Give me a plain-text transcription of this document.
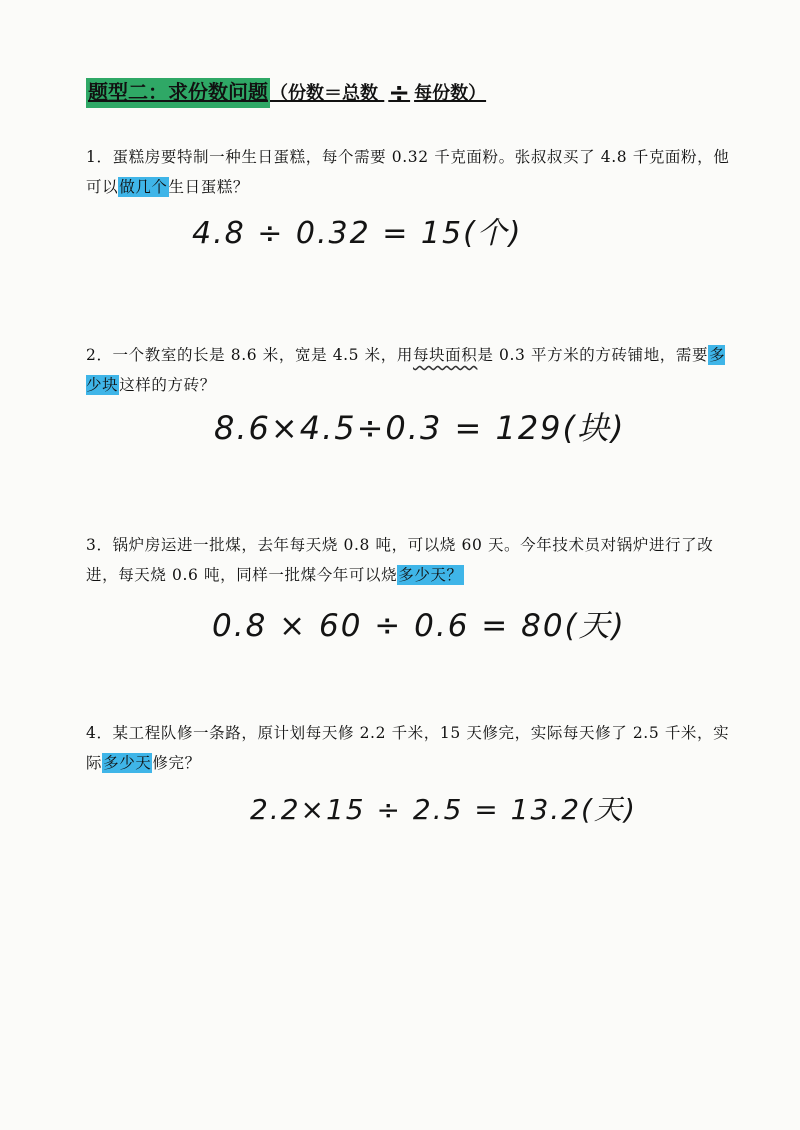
题型二：求份数问题 （份数＝总数 ÷ 每份数）
1．蛋糕房要特制一种生日蛋糕，每个需要 0.32 千克面粉。张叔叔买了 4.8 千克面粉，他可以做几个生日蛋糕？
4.8 ÷ 0.32 = 15(个)
2．一个教室的长是 8.6 米，宽是 4.5 米，用每块面积是 0.3 平方米的方砖铺地，需要多少块这样的方砖？
8.6×4.5÷0.3 = 129(块)
3．锅炉房运进一批煤，去年每天烧 0.8 吨，可以烧 60 天。今年技术员对锅炉进行了改进，每天烧 0.6 吨，同样一批煤今年可以烧多少天？
0.8 × 60 ÷ 0.6 = 80(天)
4．某工程队修一条路，原计划每天修 2.2 千米，15 天修完，实际每天修了 2.5 千米，实际多少天修完？
2.2×15 ÷ 2.5 = 13.2(天)
